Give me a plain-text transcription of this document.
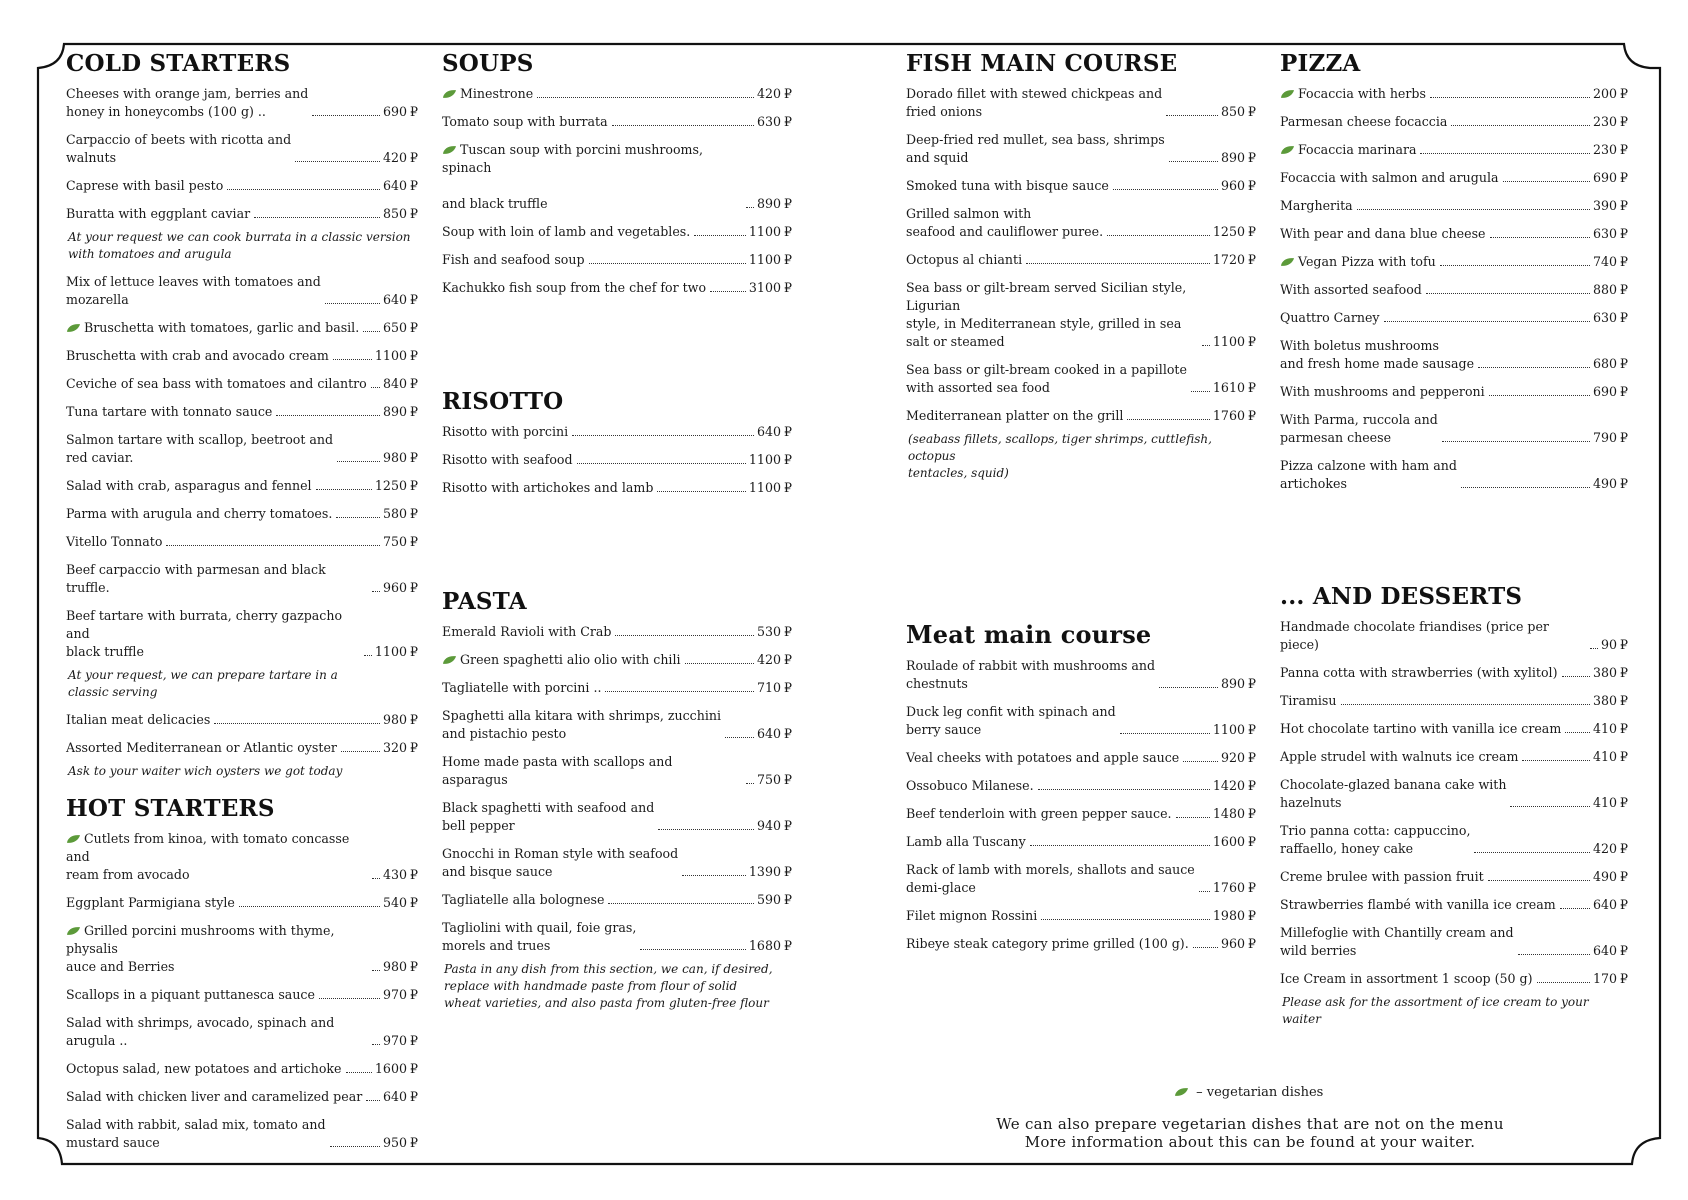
COLD STARTERS
Cheeses with orange jam, berries and
honey in honeycombs (100 g) ..	690 ₽
Carpaccio of beets with ricotta and
walnuts	420 ₽
Caprese with basil pesto	640 ₽
Buratta with eggplant caviar	850 ₽
At your request we can cook burrata in a classic version
with tomatoes and arugula
Mix of lettuce leaves with tomatoes and
mozarella	640 ₽
Bruschetta with tomatoes, garlic and basil. 650 ₽
Bruschetta with crab and avocado cream	1100 ₽
Ceviche of sea bass with tomatoes and cilantro 840 ₽
Tuna tartare with tonnato sauce	890 ₽
Salmon tartare with scallop, beetroot and
red caviar.	980 ₽
Salad with crab, asparagus and fennel	1250 ₽
Parma with arugula and cherry tomatoes.	580 ₽
Vitello Tonnato	750 ₽
Beef carpaccio with parmesan and black truffle.	960 ₽
Beef tartare with burrata, cherry gazpacho and
black truffle	1100 ₽
At your request, we can prepare tartare in a
classic serving
Italian meat delicacies	980 ₽
Assorted Mediterranean or Atlantic oyster	320 ₽
Ask to your waiter wich oysters we got today
HOT STARTERS
Cutlets from kinoa, with tomato concasse and
ream from avocado	430 ₽
Eggplant Parmigiana style	540 ₽
Grilled porcini mushrooms with thyme, physalis
auce and Berries	980 ₽
Scallops in a piquant puttanesca sauce	970 ₽
Salad with shrimps, avocado, spinach and arugula ..	970 ₽
Octopus salad, new potatoes and artichoke	1600 ₽
Salad with chicken liver and caramelized pear 640 ₽
Salad with rabbit, salad mix, tomato and
mustard sauce	950 ₽
SOUPS
Minestrone	420 ₽
Tomato soup with burrata	630 ₽
Tuscan soup with porcini mushrooms, spinach

and black truffle	890 ₽
Soup with loin of lamb and vegetables.	1100 ₽
Fish and seafood soup	1100 ₽
Kachukko fish soup from the chef for two	3100 ₽
RISOTTO
Risotto with porcini	640 ₽
Risotto with seafood	1100 ₽
Risotto with artichokes and lamb	1100 ₽
PASTA
Emerald Ravioli with Crab	530 ₽
Green spaghetti alio olio with chili	420 ₽
Tagliatelle with porcini ..	710 ₽
Spaghetti alla kitara with shrimps, zucchini
and pistachio pesto	640 ₽
Home made pasta with scallops and asparagus	750 ₽
Black spaghetti with seafood and
bell pepper	940 ₽
Gnocchi in Roman style with seafood
and bisque sauce	1390 ₽
Tagliatelle alla bolognese	590 ₽
Tagliolini with quail, foie gras,
morels and trues	1680 ₽
Pasta in any dish from this section, we can, if desired,
replace with handmade paste from flour of solid
wheat varieties, and also pasta from gluten-free flour
FISH MAIN COURSE
Dorado fillet with stewed chickpeas and
fried onions	850 ₽
Deep-fried red mullet, sea bass, shrimps
and squid	890 ₽
Smoked tuna with bisque sauce	960 ₽
Grilled salmon with
seafood and cauliflower puree.	1250 ₽
Octopus al chianti	1720 ₽
Sea bass or gilt-bream served Sicilian style, Ligurian
style, in Mediterranean style, grilled in sea
salt or steamed	1100 ₽
Sea bass or gilt-bream cooked in a papillote
with assorted sea food	1610 ₽
Mediterranean platter on the grill	1760 ₽
(seabass fillets, scallops, tiger shrimps, cuttlefish, octopus
tentacles, squid)
Meat main course
Roulade of rabbit with mushrooms and
chestnuts	890 ₽
Duck leg confit with spinach and
berry sauce	1100 ₽
Veal cheeks with potatoes and apple sauce	920 ₽
Ossobuco Milanese.	1420 ₽
Beef tenderloin with green pepper sauce.	1480 ₽
Lamb alla Tuscany	1600 ₽
Rack of lamb with morels, shallots and sauce
demi-glace	1760 ₽
Filet mignon Rossini	1980 ₽
Ribeye steak category prime grilled (100 g).	960 ₽
PIZZA
Focaccia with herbs	200 ₽
Parmesan cheese focaccia	230 ₽
Focaccia marinara	230 ₽
Focaccia with salmon and arugula	690 ₽
Margherita	390 ₽
With pear and dana blue cheese	630 ₽
Vegan Pizza with tofu	740 ₽
With assorted seafood	880 ₽
Quattro Carney	630 ₽
With boletus mushrooms
and fresh home made sausage	680 ₽
With mushrooms and pepperoni	690 ₽
With Parma, ruccola and
parmesan cheese	790 ₽
Pizza calzone with ham and
artichokes	490 ₽
... AND DESSERTS
Handmade chocolate friandises (price per piece)	90 ₽
Panna cotta with strawberries (with xylitol)	380 ₽
Tiramisu	380 ₽
Hot chocolate tartino with vanilla ice cream	410 ₽
Apple strudel with walnuts ice cream	410 ₽
Chocolate-glazed banana cake with
hazelnuts	410 ₽
Trio panna cotta: cappuccino,
raffaello, honey cake	420 ₽
Creme brulee with passion fruit	490 ₽
Strawberries flambé with vanilla ice cream	640 ₽
Millefoglie with Chantilly cream and
wild berries	640 ₽
Ice Cream in assortment 1 scoop (50 g)	170 ₽
Please ask for the assortment of ice cream to your waiter
– vegetarian dishes
We can also prepare vegetarian dishes that are not on the menu
More information about this can be found at your waiter.
